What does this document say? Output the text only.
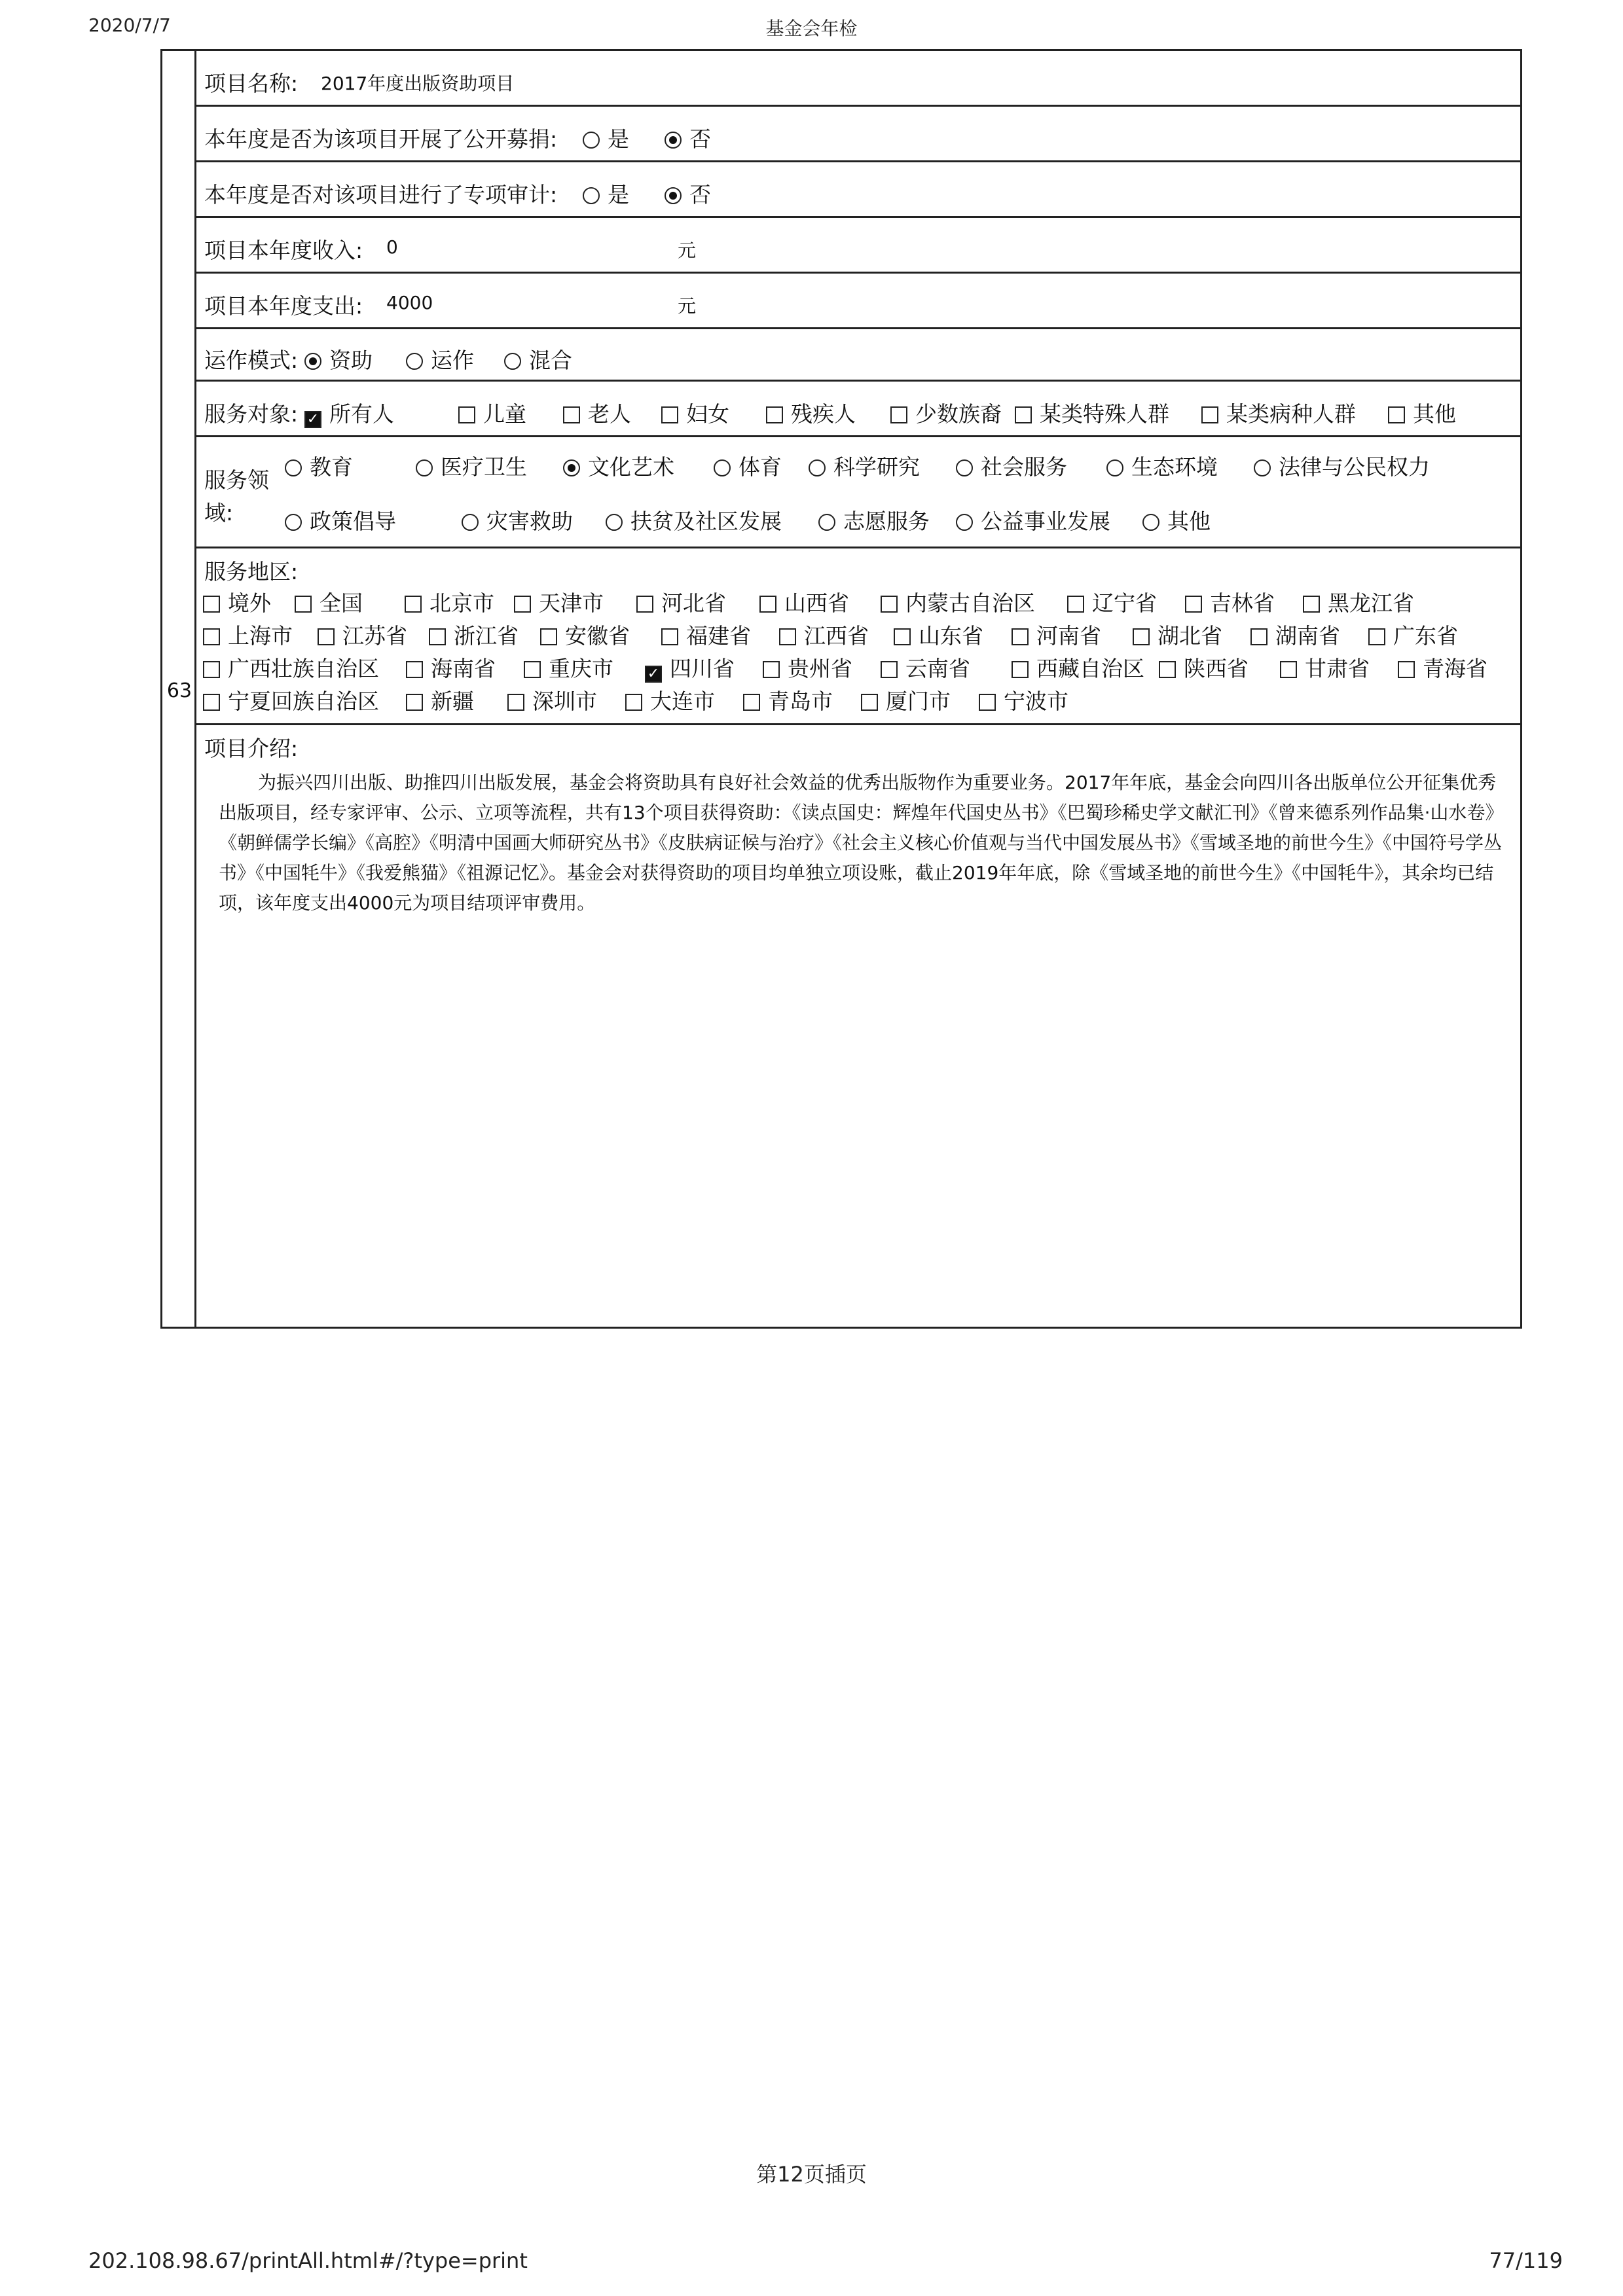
2020/7/7	基金会年检
63
项目名称: 2017年度出版资助项目
本年度是否为该项目开展了公开募捐:	是	否
本年度是否对该项目进行了专项审计:	是	否
项目本年度收入: 0	元
项目本年度支出: 4000	元
运作模式:	资助	运作	混合
服务对象: ✓ 所有人	儿童	老人	妇女	残疾人	少数族裔	某类特殊人群	某类病种人群	其他
服务领
域:
教育	医疗卫生	文化艺术	体育	科学研究	社会服务	生态环境	法律与公民权力
政策倡导	灾害救助	扶贫及社区发展	志愿服务	公益事业发展	其他
服务地区:
境外	全国	北京市	天津市	河北省	山西省	内蒙古自治区	辽宁省	吉林省	黑龙江省
上海市	江苏省	浙江省	安徽省	福建省	江西省	山东省	河南省	湖北省	湖南省	广东省
广西壮族自治区	海南省	重庆市 ✓ 四川省	贵州省	云南省	西藏自治区	陕西省	甘肃省	青海省
宁夏回族自治区	新疆	深圳市	大连市	青岛市	厦门市	宁波市
项目介绍:
为振兴四川出版、助推四川出版发展，基金会将资助具有良好社会效益的优秀出版物作为重要业务。2017年年底，基金会向四川各出版单位公开征集优秀出版项目，经专家评审、公示、立项等流程，共有13个项目获得资助：《读点国史：辉煌年代国史丛书》《巴蜀珍稀史学文献汇刊》《曾来德系列作品集·山水卷》《朝鲜儒学长编》《高腔》《明清中国画大师研究丛书》《皮肤病证候与治疗》《社会主义核心价值观与当代中国发展丛书》《雪域圣地的前世今生》《中国符号学丛书》《中国牦牛》《我爱熊猫》《祖源记忆》。基金会对获得资助的项目均单独立项设账，截止2019年年底，除《雪域圣地的前世今生》《中国牦牛》，其余均已结项，该年度支出4000元为项目结项评审费用。
第12页插页
202.108.98.67/printAll.html#/?type=print	77/119
